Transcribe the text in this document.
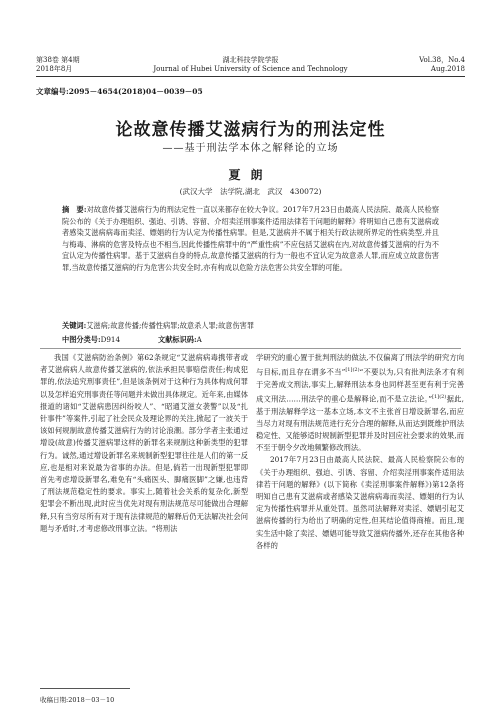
第38卷 第4期
2018年8月
湖北科技学院学报
Journal of Hubei University of Science and Technology
Vol.38，No.4
Aug.2018
文章编号:2095－4654(2018)04－0039－05
论故意传播艾滋病行为的刑法定性
——基于刑法学本体之解释论的立场
夏朗
(武汉大学　法学院,湖北　武汉　430072)
摘　要:对故意传播艾滋病行为的刑法定性一直以来都存在较大争议。2017年7月23日由最高人民法院、最高人民检察院公布的《关于办理组织、强迫、引诱、容留、介绍卖淫刑事案件适用法律若干问题的解释》将明知自己患有艾滋病或者感染艾滋病病毒而卖淫、嫖娼的行为认定为传播性病罪。但是,艾滋病并不属于相关行政法规所界定的性病类型,并且与梅毒、淋病的危害及特点也不相当,因此传播性病罪中的“严重性病”不应包括艾滋病在内,对故意传播艾滋病的行为不宜认定为传播性病罪。基于艾滋病自身的特点,故意传播艾滋病的行为一般也不宜认定为故意杀人罪,而应成立故意伤害罪,当故意传播艾滋病的行为危害公共安全时,亦有构成以危险方法危害公共安全罪的可能。
关键词:艾滋病;故意传播;传播性病罪;故意杀人罪;故意伤害罪
中图分类号:D914	文献标识码:A

我国《艾滋病防治条例》第62条规定“艾滋病病毒携带者或者艾滋病病人故意传播艾滋病的,依法承担民事赔偿责任;构成犯罪的,依法追究刑事责任”,但是该条例对于这种行为具体构成何罪以及怎样追究刑事责任等问题并未做出具体规定。近年来,由媒体报道的诸如“艾滋病患因纠纷咬人”、“昭通艾滋女袭警”以及“扎针事件”等案件,引起了社会民众及理论界的关注,掀起了一波关于该如何规制故意传播艾滋病行为的讨论浪潮。部分学者主张通过增设(故意)传播艾滋病罪这样的新罪名来规制这种新类型的犯罪行为。诚然,通过增设新罪名来规制新型犯罪往往是人们的第一反应,也是相对来说最为省事的办法。但是,倘若一出现新型犯罪即首先考虑增设新罪名,难免有“头痛医头、脚痛医脚”之嫌,也违背了刑法规范稳定性的要求。事实上,随着社会关系的复杂化,新型犯罪会不断出现,此时应当优先对现有刑法规范尽可能做出合理解释,只有当穷尽所有对于现有法律规范的解释后仍无法解决社会问题与矛盾时,才考虑修改刑事立法。“将刑法

学研究的重心置于批判刑法的做法,不仅偏离了刑法学的研究方向与目标,而且存在谓多不当”$^{[1](2)}$“不要以为,只有批判法条才有利于完善成文刑法,事实上,解释刑法本身也同样甚至更有利于完善成文刑法……刑法学的重心是解释论,而不是立法论。”$^{[1](2)}$据此,基于刑法解释学这一基本立场,本文不主张首日增设新罪名,而应当尽力对现有刑法规范进行充分合理的解释,从而达到既维护刑法稳定性、又能够适时规制新型犯罪并及时回应社会要求的效果,而不至于朝令夕改地频繁修改刑法。

2017年7月23日由最高人民法院、最高人民检察院公布的《关于办理组织、强迫、引诱、容留、介绍卖淫刑事案件适用法律若干问题的解释》(以下简称《卖淫刑事案件解释》)第12条将明知自己患有艾滋病或者感染艾滋病病毒而卖淫、嫖娼的行为认定为传播性病罪并从重处罚。虽然司法解释对卖淫、嫖娼引起艾滋病传播的行为给出了明确的定性,但其结论值得商榷。而且,现实生活中除了卖淫、嫖娼可能导致艾滋病传播外,还存在其他各种各样的

收稿日期:2018－03－10
